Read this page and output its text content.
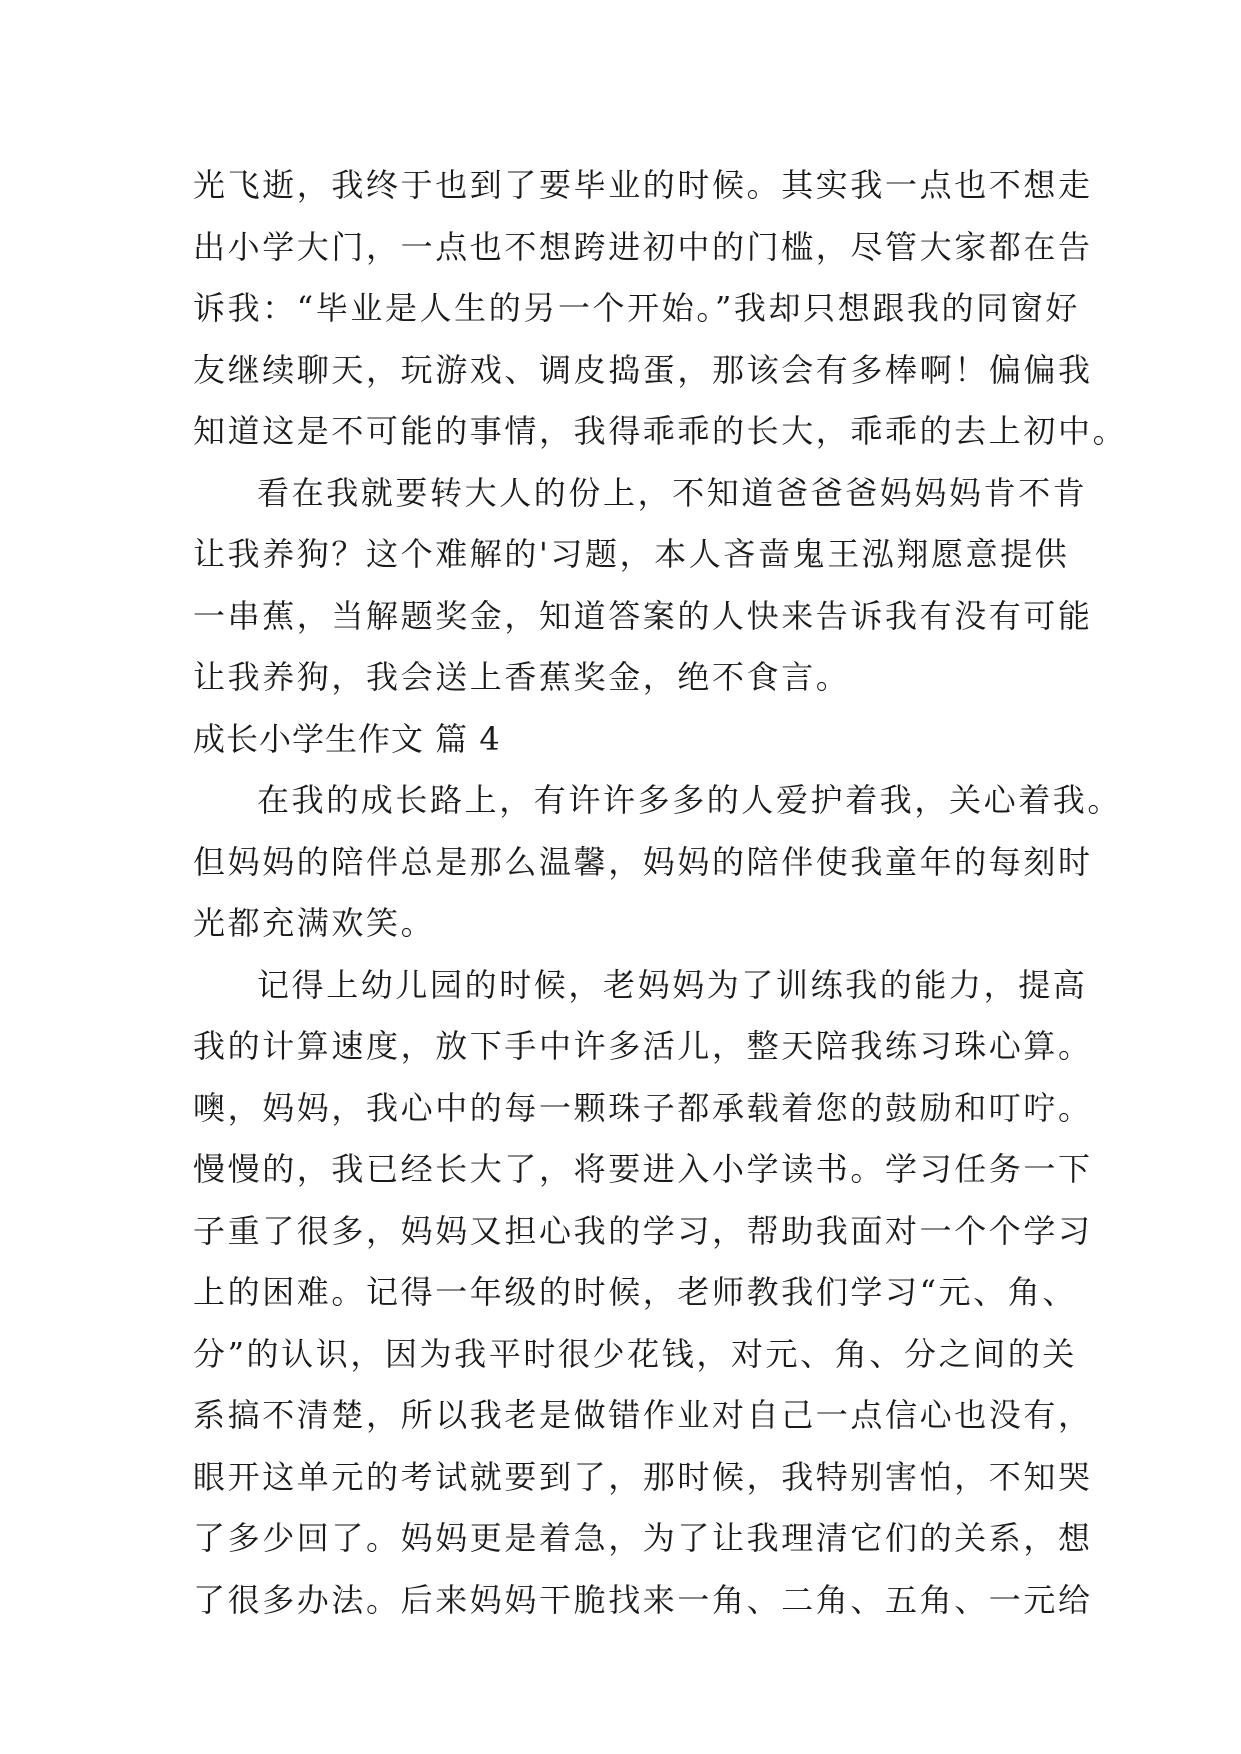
光飞逝，我终于也到了要毕业的时候。其实我一点也不想走
出小学大门，一点也不想跨进初中的门槛，尽管大家都在告
诉我：“毕业是人生的另一个开始。”我却只想跟我的同窗好
友继续聊天，玩游戏、调皮捣蛋，那该会有多棒啊！偏偏我
知道这是不可能的事情，我得乖乖的长大，乖乖的去上初中。
看在我就要转大人的份上，不知道爸爸爸妈妈妈肯不肯
让我养狗？这个难解的'习题，本人吝啬鬼王泓翔愿意提供
一串蕉，当解题奖金，知道答案的人快来告诉我有没有可能
让我养狗，我会送上香蕉奖金，绝不食言。
成长小学生作文 篇 4
在我的成长路上，有许许多多的人爱护着我，关心着我。
但妈妈的陪伴总是那么温馨，妈妈的陪伴使我童年的每刻时
光都充满欢笑。
记得上幼儿园的时候，老妈妈为了训练我的能力，提高
我的计算速度，放下手中许多活儿，整天陪我练习珠心算。
噢，妈妈，我心中的每一颗珠子都承载着您的鼓励和叮咛。
慢慢的，我已经长大了，将要进入小学读书。学习任务一下
子重了很多，妈妈又担心我的学习，帮助我面对一个个学习
上的困难。记得一年级的时候，老师教我们学习“元、角、
分”的认识，因为我平时很少花钱，对元、角、分之间的关
系搞不清楚，所以我老是做错作业对自己一点信心也没有，
眼开这单元的考试就要到了，那时候，我特别害怕，不知哭
了多少回了。妈妈更是着急，为了让我理清它们的关系，想
了很多办法。后来妈妈干脆找来一角、二角、五角、一元给
